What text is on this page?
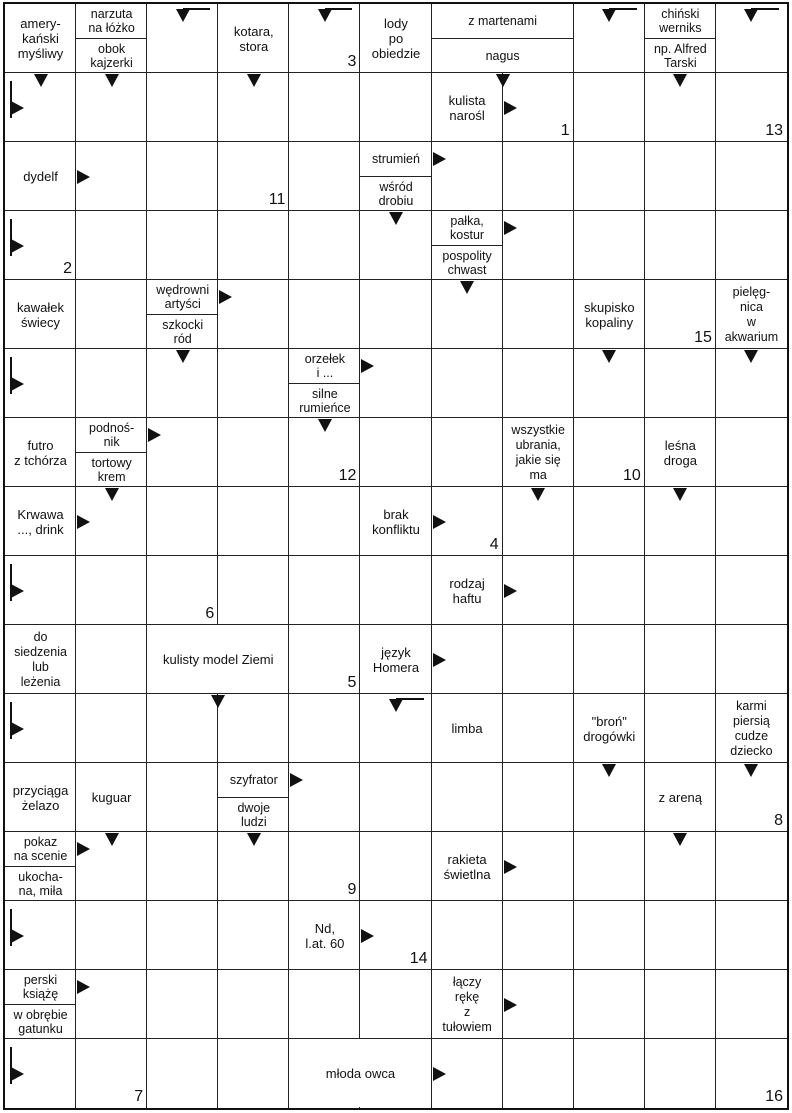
amery-
kański
myśliwy
narzuta
na łóżko
obok
kajzerki
kotara,
stora
lody
po
obiedzie
z martenami
nagus
chiński
werniks
np. Alfred
Tarski
kulista
narośl
dydelf
strumień
wśród
drobiu
pałka,
kostur
pospolity
chwast
kawałek
świecy
wędrowni
artyści
szkocki
ród
skupisko
kopaliny
pielęg-
nica
w
akwarium
orzełek
i ...
silne
rumieńce
futro
z tchórza
podnoś-
nik
tortowy
krem
wszystkie
ubrania,
jakie się
ma
leśna
droga
Krwawa
..., drink
brak
konfliktu
rodzaj
haftu
do
siedzenia
lub
leżenia
kulisty model Ziemi	język
Homera
limba	"broń"
drogówki
karmi
piersią
cudze
dziecko
przyciąga
żelazo	kuguar
szyfrator
dwoje
ludzi
z areną
pokaz
na scenie
ukocha-
na, miła
rakieta
świetlna
Nd,
l.at. 60
perski
książę
w obrębie
gatunku
łączy
rękę
z
tułowiem
młoda owca
3
1	13
11
2
15
12	10
4
6
5
8
9
14
7	16
